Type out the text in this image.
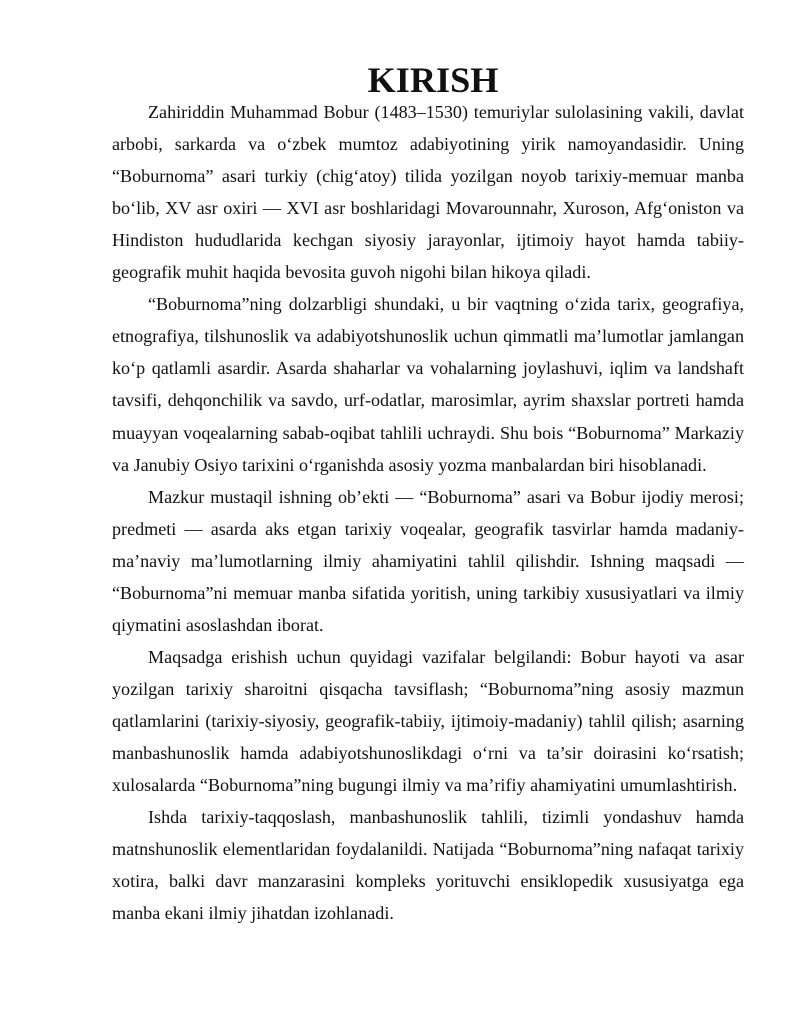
KIRISH

Zahiriddin Muhammad Bobur (1483–1530) temuriylar sulolasining vakili, davlat arbobi, sarkarda va o‘zbek mumtoz adabiyotining yirik namoyandasidir. Uning “Boburnoma” asari turkiy (chig‘atoy) tilida yozilgan noyob tarixiy-memuar manba bo‘lib, XV asr oxiri — XVI asr boshlaridagi Movarounnahr, Xuroson, Afg‘oniston va Hindiston hududlarida kechgan siyosiy jarayonlar, ijtimoiy hayot hamda tabiiy-geografik muhit haqida bevosita guvoh nigohi bilan hikoya qiladi.

“Boburnoma”ning dolzarbligi shundaki, u bir vaqtning o‘zida tarix, geografiya, etnografiya, tilshunoslik va adabiyotshunoslik uchun qimmatli ma’lumotlar jamlangan ko‘p qatlamli asardir. Asarda shaharlar va vohalarning joylashuvi, iqlim va landshaft tavsifi, dehqonchilik va savdo, urf-odatlar, marosimlar, ayrim shaxslar portreti hamda muayyan voqealarning sabab-oqibat tahlili uchraydi. Shu bois “Boburnoma” Markaziy va Janubiy Osiyo tarixini o‘rganishda asosiy yozma manbalardan biri hisoblanadi.

Mazkur mustaqil ishning ob’ekti — “Boburnoma” asari va Bobur ijodiy merosi; predmeti — asarda aks etgan tarixiy voqealar, geografik tasvirlar hamda madaniy-ma’naviy ma’lumotlarning ilmiy ahamiyatini tahlil qilishdir. Ishning maqsadi — “Boburnoma”ni memuar manba sifatida yoritish, uning tarkibiy xususiyatlari va ilmiy qiymatini asoslashdan iborat.

Maqsadga erishish uchun quyidagi vazifalar belgilandi: Bobur hayoti va asar yozilgan tarixiy sharoitni qisqacha tavsiflash; “Boburnoma”ning asosiy mazmun qatlamlarini (tarixiy-siyosiy, geografik-tabiiy, ijtimoiy-madaniy) tahlil qilish; asarning manbashunoslik hamda adabiyotshunoslikdagi o‘rni va ta’sir doirasini ko‘rsatish; xulosalarda “Boburnoma”ning bugungi ilmiy va ma’rifiy ahamiyatini umumlashtirish.

Ishda tarixiy-taqqoslash, manbashunoslik tahlili, tizimli yondashuv hamda matnshunoslik elementlaridan foydalanildi. Natijada “Boburnoma”ning nafaqat tarixiy xotira, balki davr manzarasini kompleks yorituvchi ensiklopedik xususiyatga ega manba ekani ilmiy jihatdan izohlanadi.
